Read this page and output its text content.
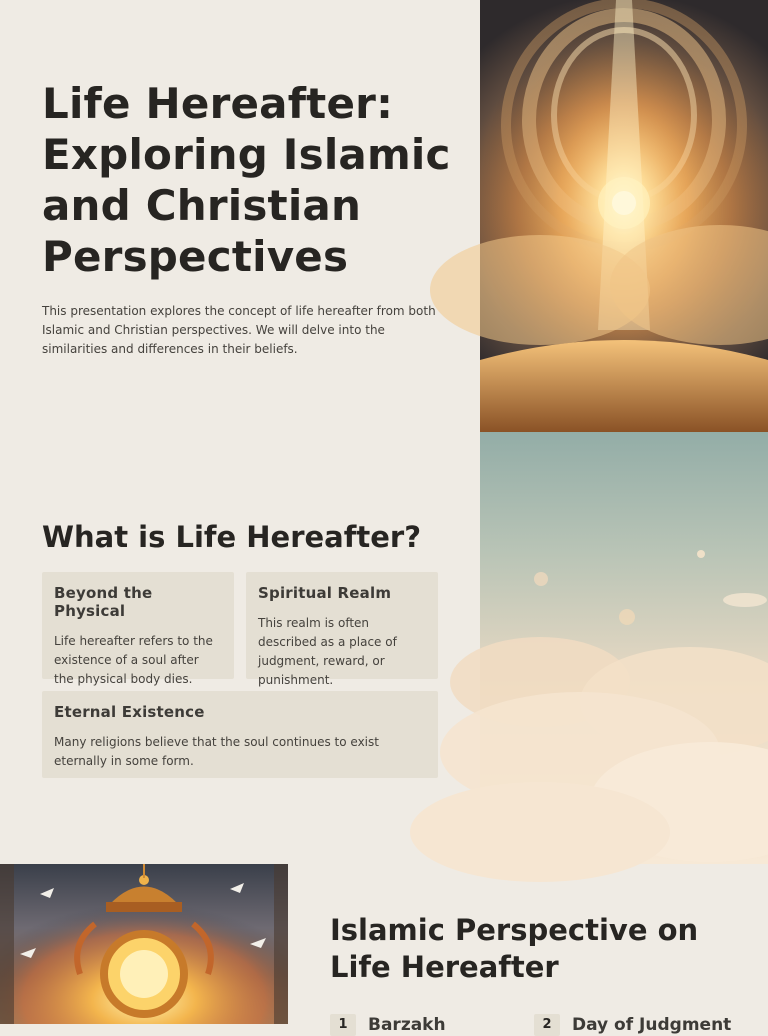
Life Hereafter: Exploring Islamic and Christian Perspectives

This presentation explores the concept of life hereafter from both Islamic and Christian perspectives. We will delve into the similarities and differences in their beliefs.

What is Life Hereafter?
Beyond the Physical

Life hereafter refers to the existence of a soul after the physical body dies.

Spiritual Realm

This realm is often described as a place of judgment, reward, or punishment.

Eternal Existence

Many religions believe that the soul continues to exist eternally in some form.

Islamic Perspective on Life Hereafter
1	Barzakh	2	Day of Judgment
